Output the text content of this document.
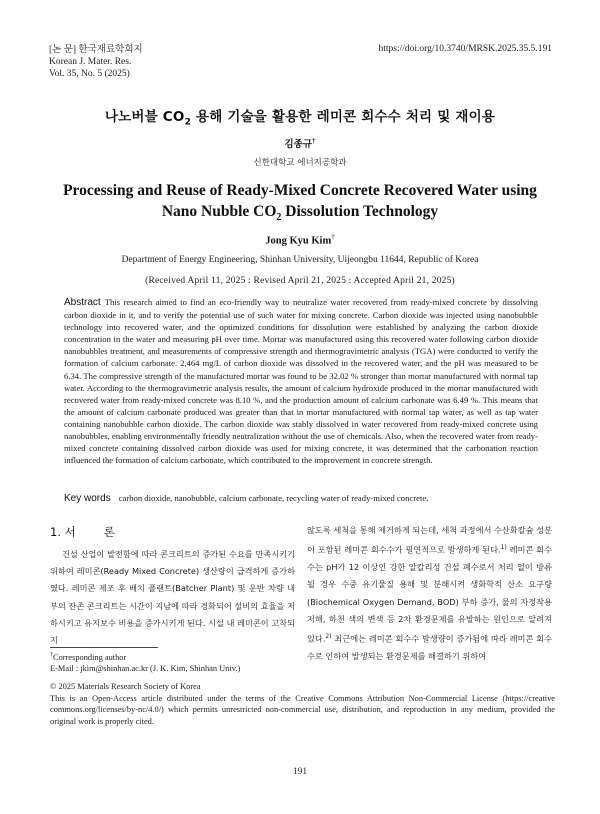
[논 문] 한국재료학회지
Korean J. Mater. Res.
Vol. 35, No. 5 (2025)
https://doi.org/10.3740/MRSK.2025.35.5.191
나노버블 $CO_2$ 용해 기술을 활용한 레미콘 회수수 처리 및 재이용
김종규†
신한대학교 에너지공학과
Processing and Reuse of Ready-Mixed Concrete Recovered Water using
Nano Nubble $CO_2$ Dissolution Technology
Jong Kyu Kim†
Department of Energy Engineering, Shinhan University, Uijeongbu 11644, Republic of Korea
(Received April 11, 2025 : Revised April 21, 2025 : Accepted April 21, 2025)
Abstract This research aimed to find an eco-friendly way to neutralize water recovered from ready-mixed concrete by dissolving carbon dioxide in it, and to verify the potential use of such water for mixing concrete. Carbon dioxide was injected using nanobubble technology into recovered water, and the optimized conditions for dissolution were established by analyzing the carbon dioxide concentration in the water and measuring pH over time. Mortar was manufactured using this recovered water following carbon dioxide nanobubbles treatment, and measurements of compressive strength and thermogravimetric analysis (TGA) were conducted to verify the formation of calcium carbonate. 2,464 mg/L of carbon dioxide was dissolved in the recovered water, and the pH was measured to be 6.34. The compressive strength of the manufactured mortar was found to be 32.02 % stronger than mortar manufactured with normal tap water. According to the thermogravimetric analysis results, the amount of calcium hydroxide produced in the mortar manufactured with recovered water from ready-mixed concrete was 8.10 %, and the production amount of calcium carbonate was 6.49 %. This means that the amount of calcium carbonate produced was greater than that in mortar manufactured with normal tap water, as well as tap water containing nanobubble carbon dioxide. The carbon dioxide was stably dissolved in water recovered from ready-mixed concrete using nanobubbles, enabling environmentally friendly neutralization without the use of chemicals. Also, when the recovered water from ready-mixed concrete containing dissolved carbon dioxide was used for mixing concrete, it was determined that the carbonation reaction influenced the formation of calcium carbonate, which contributed to the improvement in concrete strength.
Key words carbon dioxide, nanobubble, calcium carbonate, recycling water of ready-mixed concrete.
1. 서 론

건설 산업이 발전함에 따라 콘크리트의 증가된 수요를 만족시키기 위하여 레미콘(Ready Mixed Concrete) 생산량이 급격하게 증가하였다. 레미콘 제조 후 배치 플랜트(Batcher Plant) 및 운반 차량 내부의 잔존 콘크리트는 시간이 지남에 따라 경화되어 설비의 효율을 저하시키고 유지보수 비용을 증가시키게 된다. 시설 내 레미콘이 고착되지

않도록 세척을 통해 제거하게 되는데, 세척 과정에서 수산화칼슘 성분이 포함된 레미콘 회수수가 필연적으로 발생하게 된다.$^{1)}$ 레미콘 회수수는 pH가 12 이상인 강한 알칼리성 건설 폐수로서 처리 없이 방류될 경우 수중 유기물질 용해 및 분해시켜 생화학적 산소 요구량(Biochemical Oxygen Demand, BOD) 부하 증가, 물의 자정작용 저해, 하천 색의 변색 등 2차 환경문제를 유발하는 원인으로 알려져 있다.$^{2)}$ 최근에는 레미콘 회수수 발생량이 증가됨에 따라 레미콘 회수수로 인하여 발생되는 환경문제를 해결하기 위하여

†Corresponding author
E-Mail : jkim@shinhan.ac.kr (J. K. Kim, Shinhan Univ.)
© 2025 Materials Research Society of Korea
This is an Open-Access article distributed under the terms of the Creative Commons Attribution Non-Commercial License (https://creative commons.org/licenses/by-nc/4.0/) which permits unrestricted non-commercial use, distribution, and reproduction in any medium, provided the original work is properly cited.
191
